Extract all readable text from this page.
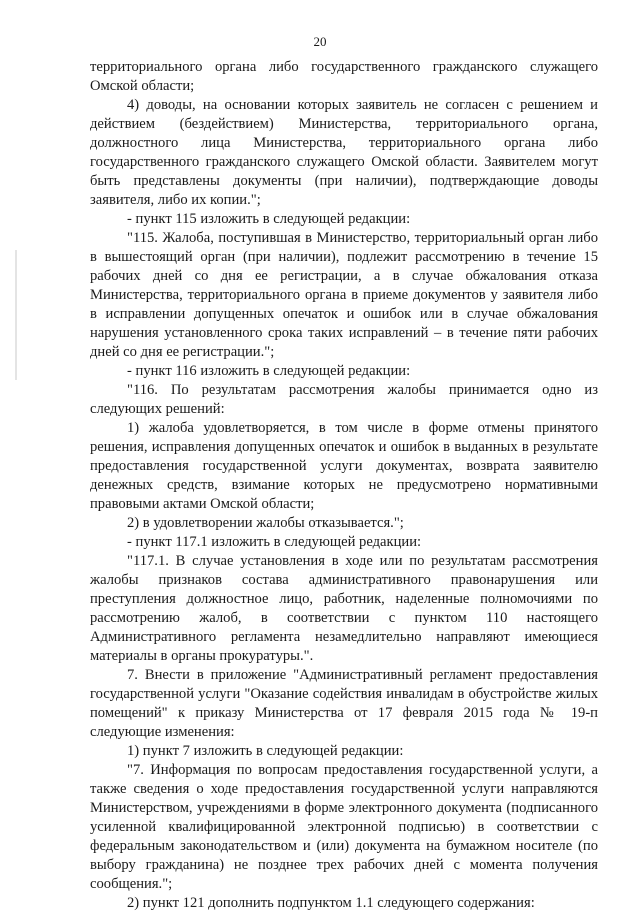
20

территориального органа либо государственного гражданского служащего Омской области;

4) доводы, на основании которых заявитель не согласен с решением и действием (бездействием) Министерства, территориального органа, должностного лица Министерства, территориального органа либо государственного гражданского служащего Омской области. Заявителем могут быть представлены документы (при наличии), подтверждающие доводы заявителя, либо их копии.";

- пункт 115 изложить в следующей редакции:

"115. Жалоба, поступившая в Министерство, территориальный орган либо в вышестоящий орган (при наличии), подлежит рассмотрению в течение 15 рабочих дней со дня ее регистрации, а в случае обжалования отказа Министерства, территориального органа в приеме документов у заявителя либо в исправлении допущенных опечаток и ошибок или в случае обжалования нарушения установленного срока таких исправлений – в течение пяти рабочих дней со дня ее регистрации.";

- пункт 116 изложить в следующей редакции:

"116. По результатам рассмотрения жалобы принимается одно из следующих решений:

1) жалоба удовлетворяется, в том числе в форме отмены принятого решения, исправления допущенных опечаток и ошибок в выданных в результате предоставления государственной услуги документах, возврата заявителю денежных средств, взимание которых не предусмотрено нормативными правовыми актами Омской области;

2) в удовлетворении жалобы отказывается.";

- пункт 117.1 изложить в следующей редакции:

"117.1. В случае установления в ходе или по результатам рассмотрения жалобы признаков состава административного правонарушения или преступления должностное лицо, работник, наделенные полномочиями по рассмотрению жалоб, в соответствии с пунктом 110 настоящего Административного регламента незамедлительно направляют имеющиеся материалы в органы прокуратуры.".

7. Внести в приложение "Административный регламент предоставления государственной услуги "Оказание содействия инвалидам в обустройстве жилых помещений" к приказу Министерства от 17 февраля 2015 года № 19-п следующие изменения:

1) пункт 7 изложить в следующей редакции:

"7. Информация по вопросам предоставления государственной услуги, а также сведения о ходе предоставления государственной услуги направляются Министерством, учреждениями в форме электронного документа (подписанного усиленной квалифицированной электронной подписью) в соответствии с федеральным законодательством и (или) документа на бумажном носителе (по выбору гражданина) не позднее трех рабочих дней с момента получения сообщения.";

2) пункт 121 дополнить подпунктом 1.1 следующего содержания:
